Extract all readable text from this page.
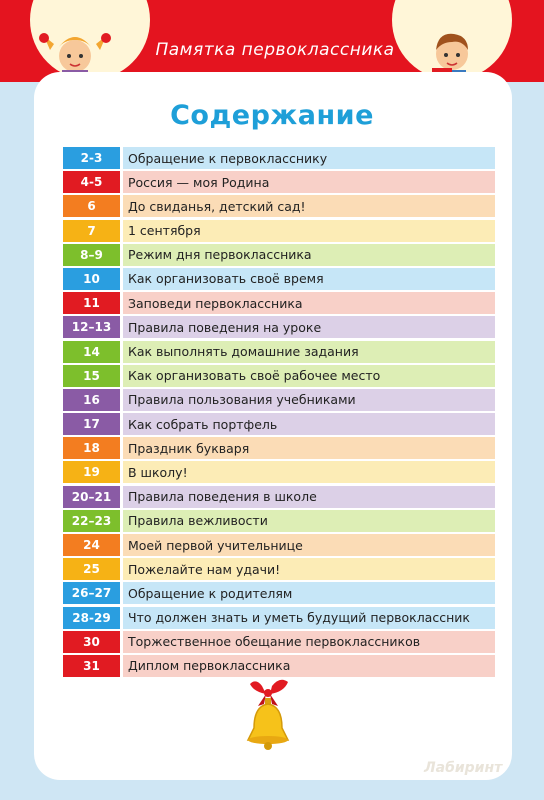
Памятка первоклассника
Содержание
2-3	Обращение к первокласснику
4-5	Россия — моя Родина
6	До свиданья, детский сад!
7	1 сентября
8–9	Режим дня первоклассника
10	Как организовать своё время
11	Заповеди первоклассника
12–13	Правила поведения на уроке
14	Как выполнять домашние задания
15	Как организовать своё рабочее место
16	Правила пользования учебниками
17	Как собрать портфель
18	Праздник букваря
19	В школу!
20–21	Правила поведения в школе
22–23	Правила вежливости
24	Моей первой учительнице
25	Пожелайте нам удачи!
26–27	Обращение к родителям
28-29	Что должен знать и уметь будущий первоклассник
30	Торжественное обещание первоклассников
31	Диплом первоклассника
Лабиринт
